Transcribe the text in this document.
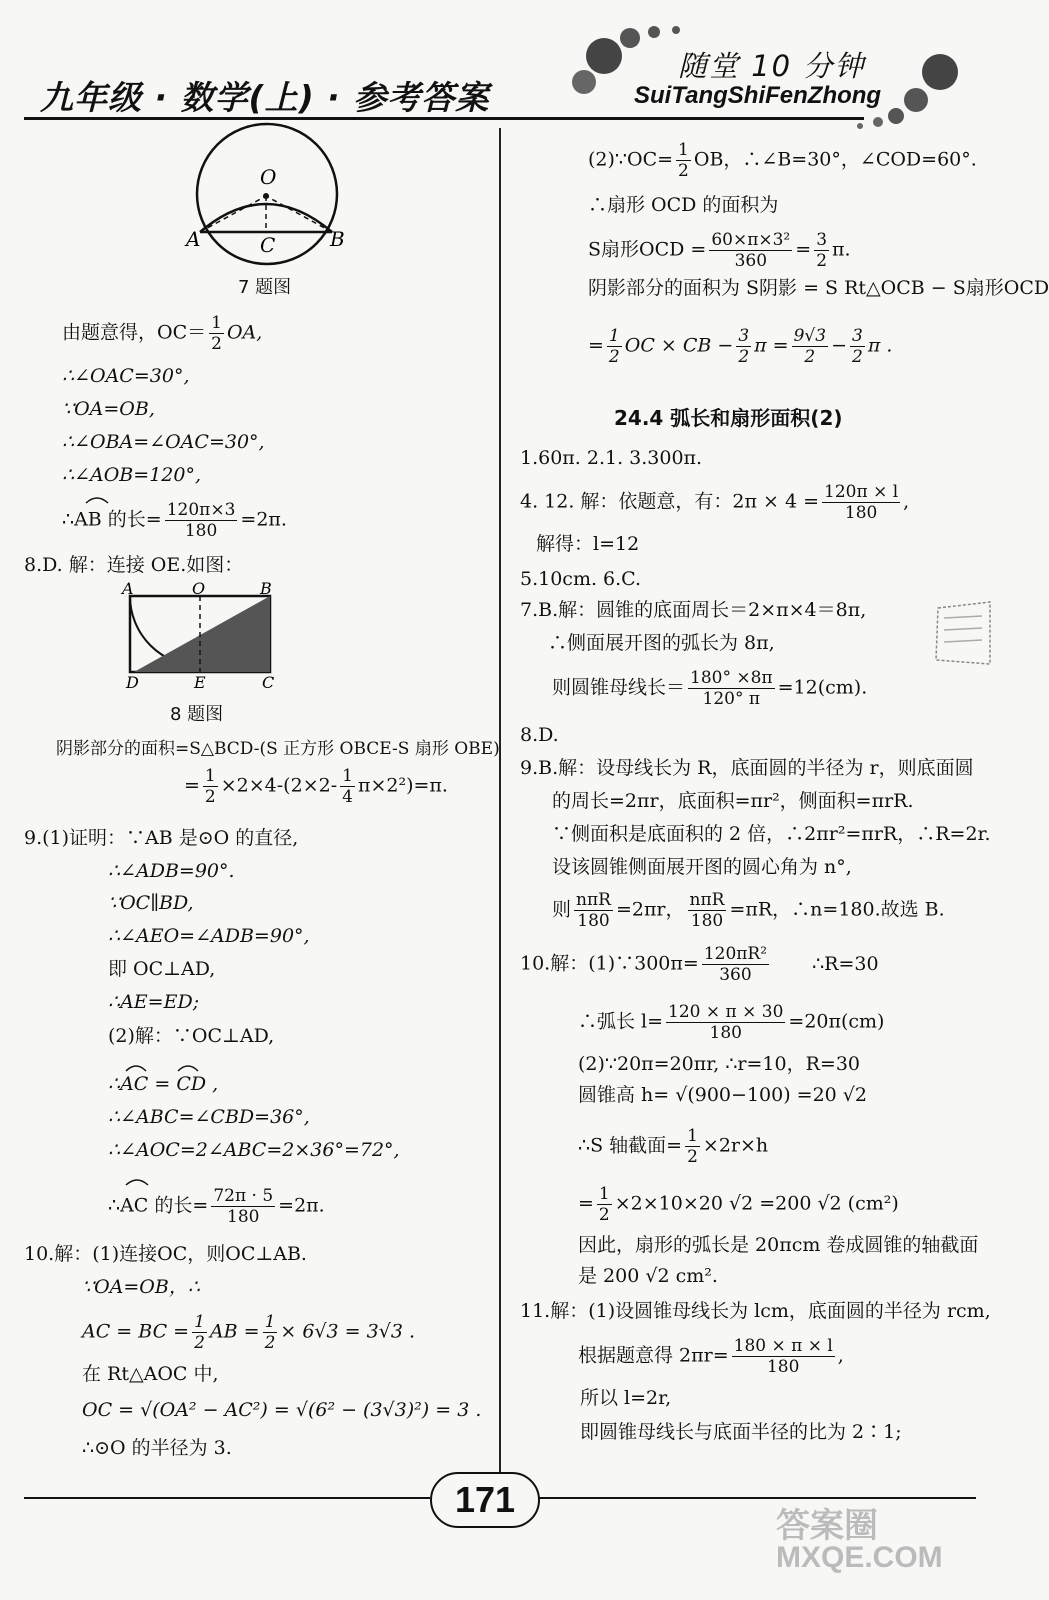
九年级 · 数学(上) · 参考答案
随堂 10 分钟
SuiTangShiFenZhong
O
A	C	B
7 题图
由题意得，$OC= \frac{1}{2}$ OA,
∴∠OAC=30°,
∵OA=OB,
∴∠OBA=∠OAC=30°,
∴∠AOB=120°,
∴AB 的长= $\frac{120\pi\times 3}{180} =2\pi$.
8.D. 解：连接 OE.如图：
A	O	B
D	E	C
8 题图
阴影部分的面积=S△BCD-(S 正方形 OBCE-S 扇形 OBE)
= $\frac{1}{2} \times 2\times 4-(2\times 2- \frac{1}{4} \pi\times 2^2)=\pi$.
9.(1)证明：∵AB 是⊙O 的直径,
∴∠ADB=90°.
∵OC∥BD,
∴∠AEO=∠ADB=90°,
即 OC⊥AD,
∴AE=ED;
(2)解：∵OC⊥AD,
∴AC = CD ,
∴∠ABC=∠CBD=36°,
∴∠AOC=2∠ABC=2×36°=72°,
∴AC 的长= $\frac{72\pi \cdot 5}{180} =2\pi$.
10.解：(1)连接OC，则OC⊥AB.
∵OA=OB，∴
AC = BC = $\frac{1}{2}$ AB = $\frac{1}{2} \times 6√3 = 3√3$ .
在 Rt△AOC 中,
OC = √(OA² − AC²) = √(6² − (3√3)²) = 3 .
∴⊙O 的半径为 3.
(2)∵OC= $\frac{1}{2}$ OB，∴∠B=30°，∠COD=60°.
∴扇形 OCD 的面积为
S扇形OCD = $\frac{\text{60×π×3²}}{360} = \frac{3}{2} \pi$.
阴影部分的面积为 S阴影 = S Rt△OCB − S扇形OCD
= $\frac{1}{2}$ OC × CB − $\frac{3}{2}$ $\pi = \frac{9√3}{2} - \frac{3}{2}$ π .
24.4 弧长和扇形面积(2)
1.60π. 2.1. 3.300π.
4. 12. 解：依题意，有：$2\pi \times 4 = \frac{120\pi \times l}{180}$ ,
解得：l=12
5.10cm. 6.C.
7.B.解：圆锥的底面周长＝2×π×4＝8π,
∴侧面展开图的弧长为 8π,
则圆锥母线长＝ $\frac{180^\circ \times 8\pi}{120^\circ \pi} =12(cm)$.
8.D.
9.B.解：设母线长为 R，底面圆的半径为 r，则底面圆
的周长=2πr，底面积=πr²，侧面积=πrR.
∵侧面积是底面积的 2 倍，∴2πr²=πrR，∴R=2r.
设该圆锥侧面展开图的圆心角为 n°,
则 $\frac{\text{nπR}}{180} =2\pi r$， $\frac{\text{nπR}}{180} =\pi R$，∴n=180.故选 B.
10.解：(1)∵300π= $\frac{\text{120πR²}}{360}$ ∴R=30
∴弧长 $l= \frac{120 \times \pi \times 30}{180} =20\pi(cm)$
(2)∵20π=20πr, ∴r=10，R=30
圆锥高 h= √(900−100) =20 √2
∴S 轴截面= $\frac{1}{2} \times 2r\times h$
= $\frac{1}{2} \times 2\times 10\times 20$ √2 =200 √2 (cm²)
因此，扇形的弧长是 20πcm 卷成圆锥的轴截面
是 200 √2 cm².
11.解：(1)设圆锥母线长为 lcm，底面圆的半径为 rcm,
根据题意得 $2\pi r= \frac{180 \times \pi \times l}{180}$ ,
所以 l=2r,
即圆锥母线长与底面半径的比为 2∶1;
171
答案圈
MXQE.COM
